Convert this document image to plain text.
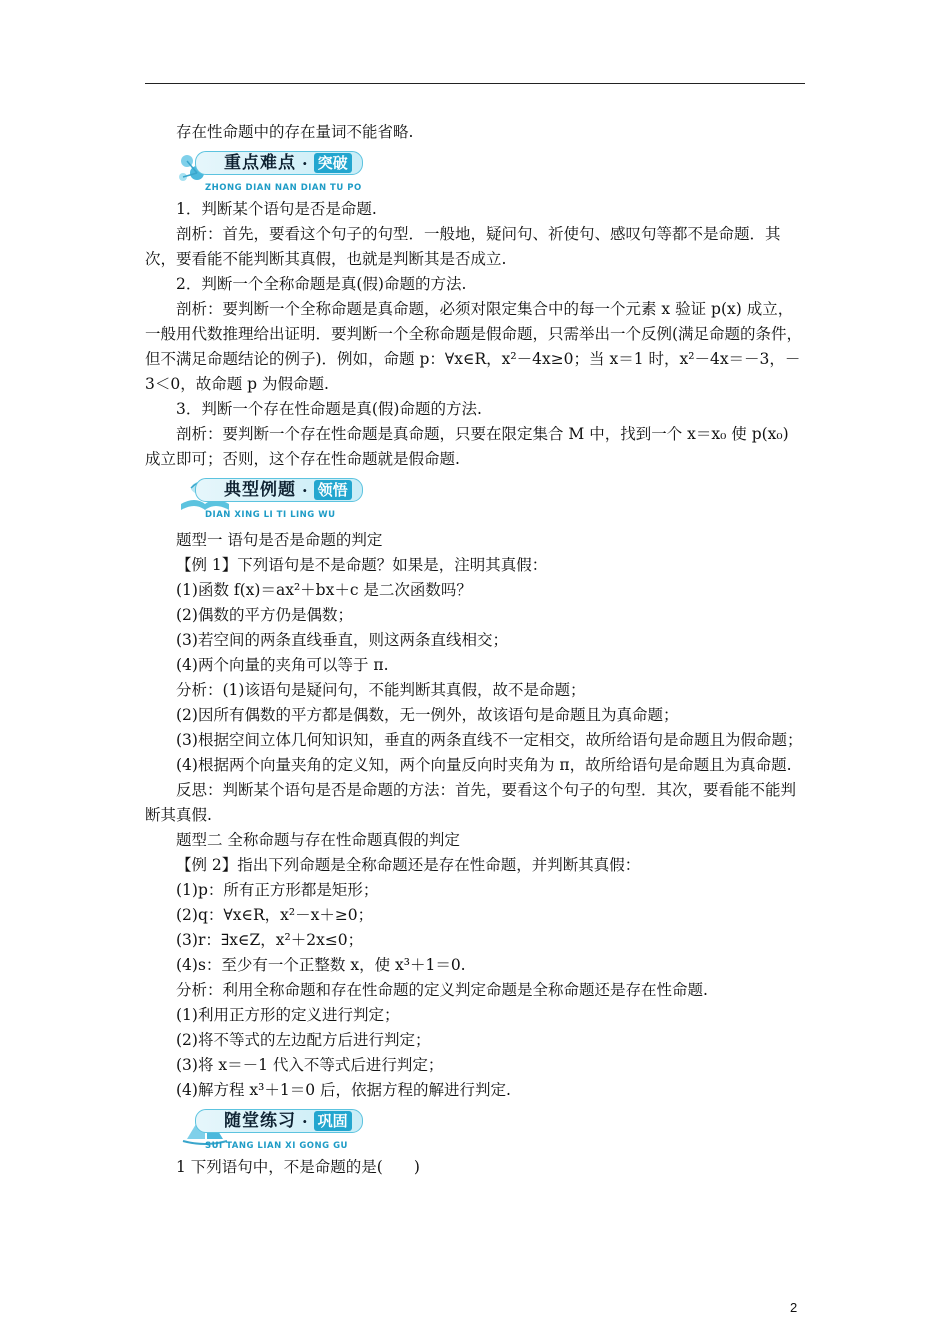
存在性命题中的存在量词不能省略.

重点难点 · 突破
ZHONG DIAN NAN DIAN TU PO

1．判断某个语句是否是命题.

剖析：首先，要看这个句子的句型．一般地，疑问句、祈使句、感叹句等都不是命题．其次，要看能不能判断其真假，也就是判断其是否成立.

2．判断一个全称命题是真(假)命题的方法.

剖析：要判断一个全称命题是真命题，必须对限定集合中的每一个元素 x 验证 p(x) 成立，一般用代数推理给出证明．要判断一个全称命题是假命题，只需举出一个反例(满足命题的条件，但不满足命题结论的例子)．例如，命题 p：∀x∈R，x²－4x≥0；当 x＝1 时，x²－4x＝－3，－3＜0，故命题 p 为假命题.

3．判断一个存在性命题是真(假)命题的方法.

剖析：要判断一个存在性命题是真命题，只要在限定集合 M 中，找到一个 x＝x₀ 使 p(x₀) 成立即可；否则，这个存在性命题就是假命题.

典型例题 · 领悟
DIAN XING LI TI LING WU

题型一 语句是否是命题的判定

【例 1】下列语句是不是命题？如果是，注明其真假：

(1)函数 f(x)＝ax²＋bx＋c 是二次函数吗？

(2)偶数的平方仍是偶数；

(3)若空间的两条直线垂直，则这两条直线相交；

(4)两个向量的夹角可以等于 π.

分析：(1)该语句是疑问句，不能判断其真假，故不是命题；

(2)因所有偶数的平方都是偶数，无一例外，故该语句是命题且为真命题；

(3)根据空间立体几何知识知，垂直的两条直线不一定相交，故所给语句是命题且为假命题；

(4)根据两个向量夹角的定义知，两个向量反向时夹角为 π，故所给语句是命题且为真命题.

反思：判断某个语句是否是命题的方法：首先，要看这个句子的句型．其次，要看能不能判断其真假.

题型二 全称命题与存在性命题真假的判定

【例 2】指出下列命题是全称命题还是存在性命题，并判断其真假：

(1)p：所有正方形都是矩形；

(2)q：∀x∈R，x²－x＋≥0；

(3)r：∃x∈Z，x²＋2x≤0；

(4)s：至少有一个正整数 x，使 x³＋1＝0.

分析：利用全称命题和存在性命题的定义判定命题是全称命题还是存在性命题.

(1)利用正方形的定义进行判定；

(2)将不等式的左边配方后进行判定；

(3)将 x＝－1 代入不等式后进行判定；

(4)解方程 x³＋1＝0 后，依据方程的解进行判定.

随堂练习 · 巩固
SUI TANG LIAN XI GONG GU

1 下列语句中，不是命题的是(　　)

2
